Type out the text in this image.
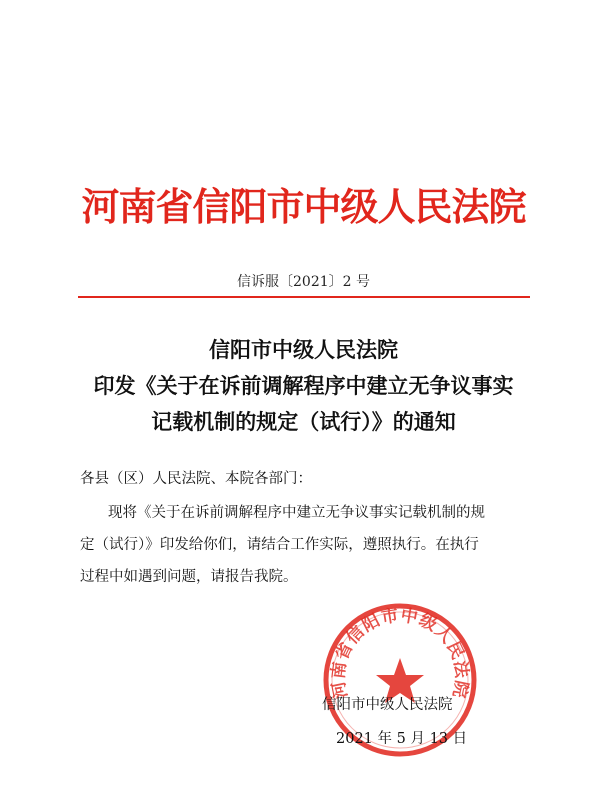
河南省信阳市中级人民法院
信诉服〔2021〕2 号
信阳市中级人民法院
印发《关于在诉前调解程序中建立无争议事实
记载机制的规定（试行）》的通知
各县（区）人民法院、本院各部门：
现将《关于在诉前调解程序中建立无争议事实记载机制的规
定（试行）》印发给你们，请结合工作实际，遵照执行。在执行
过程中如遇到问题，请报告我院。
河南省信阳市中级人民法院
信阳市中级人民法院
2021 年 5 月 13 日
